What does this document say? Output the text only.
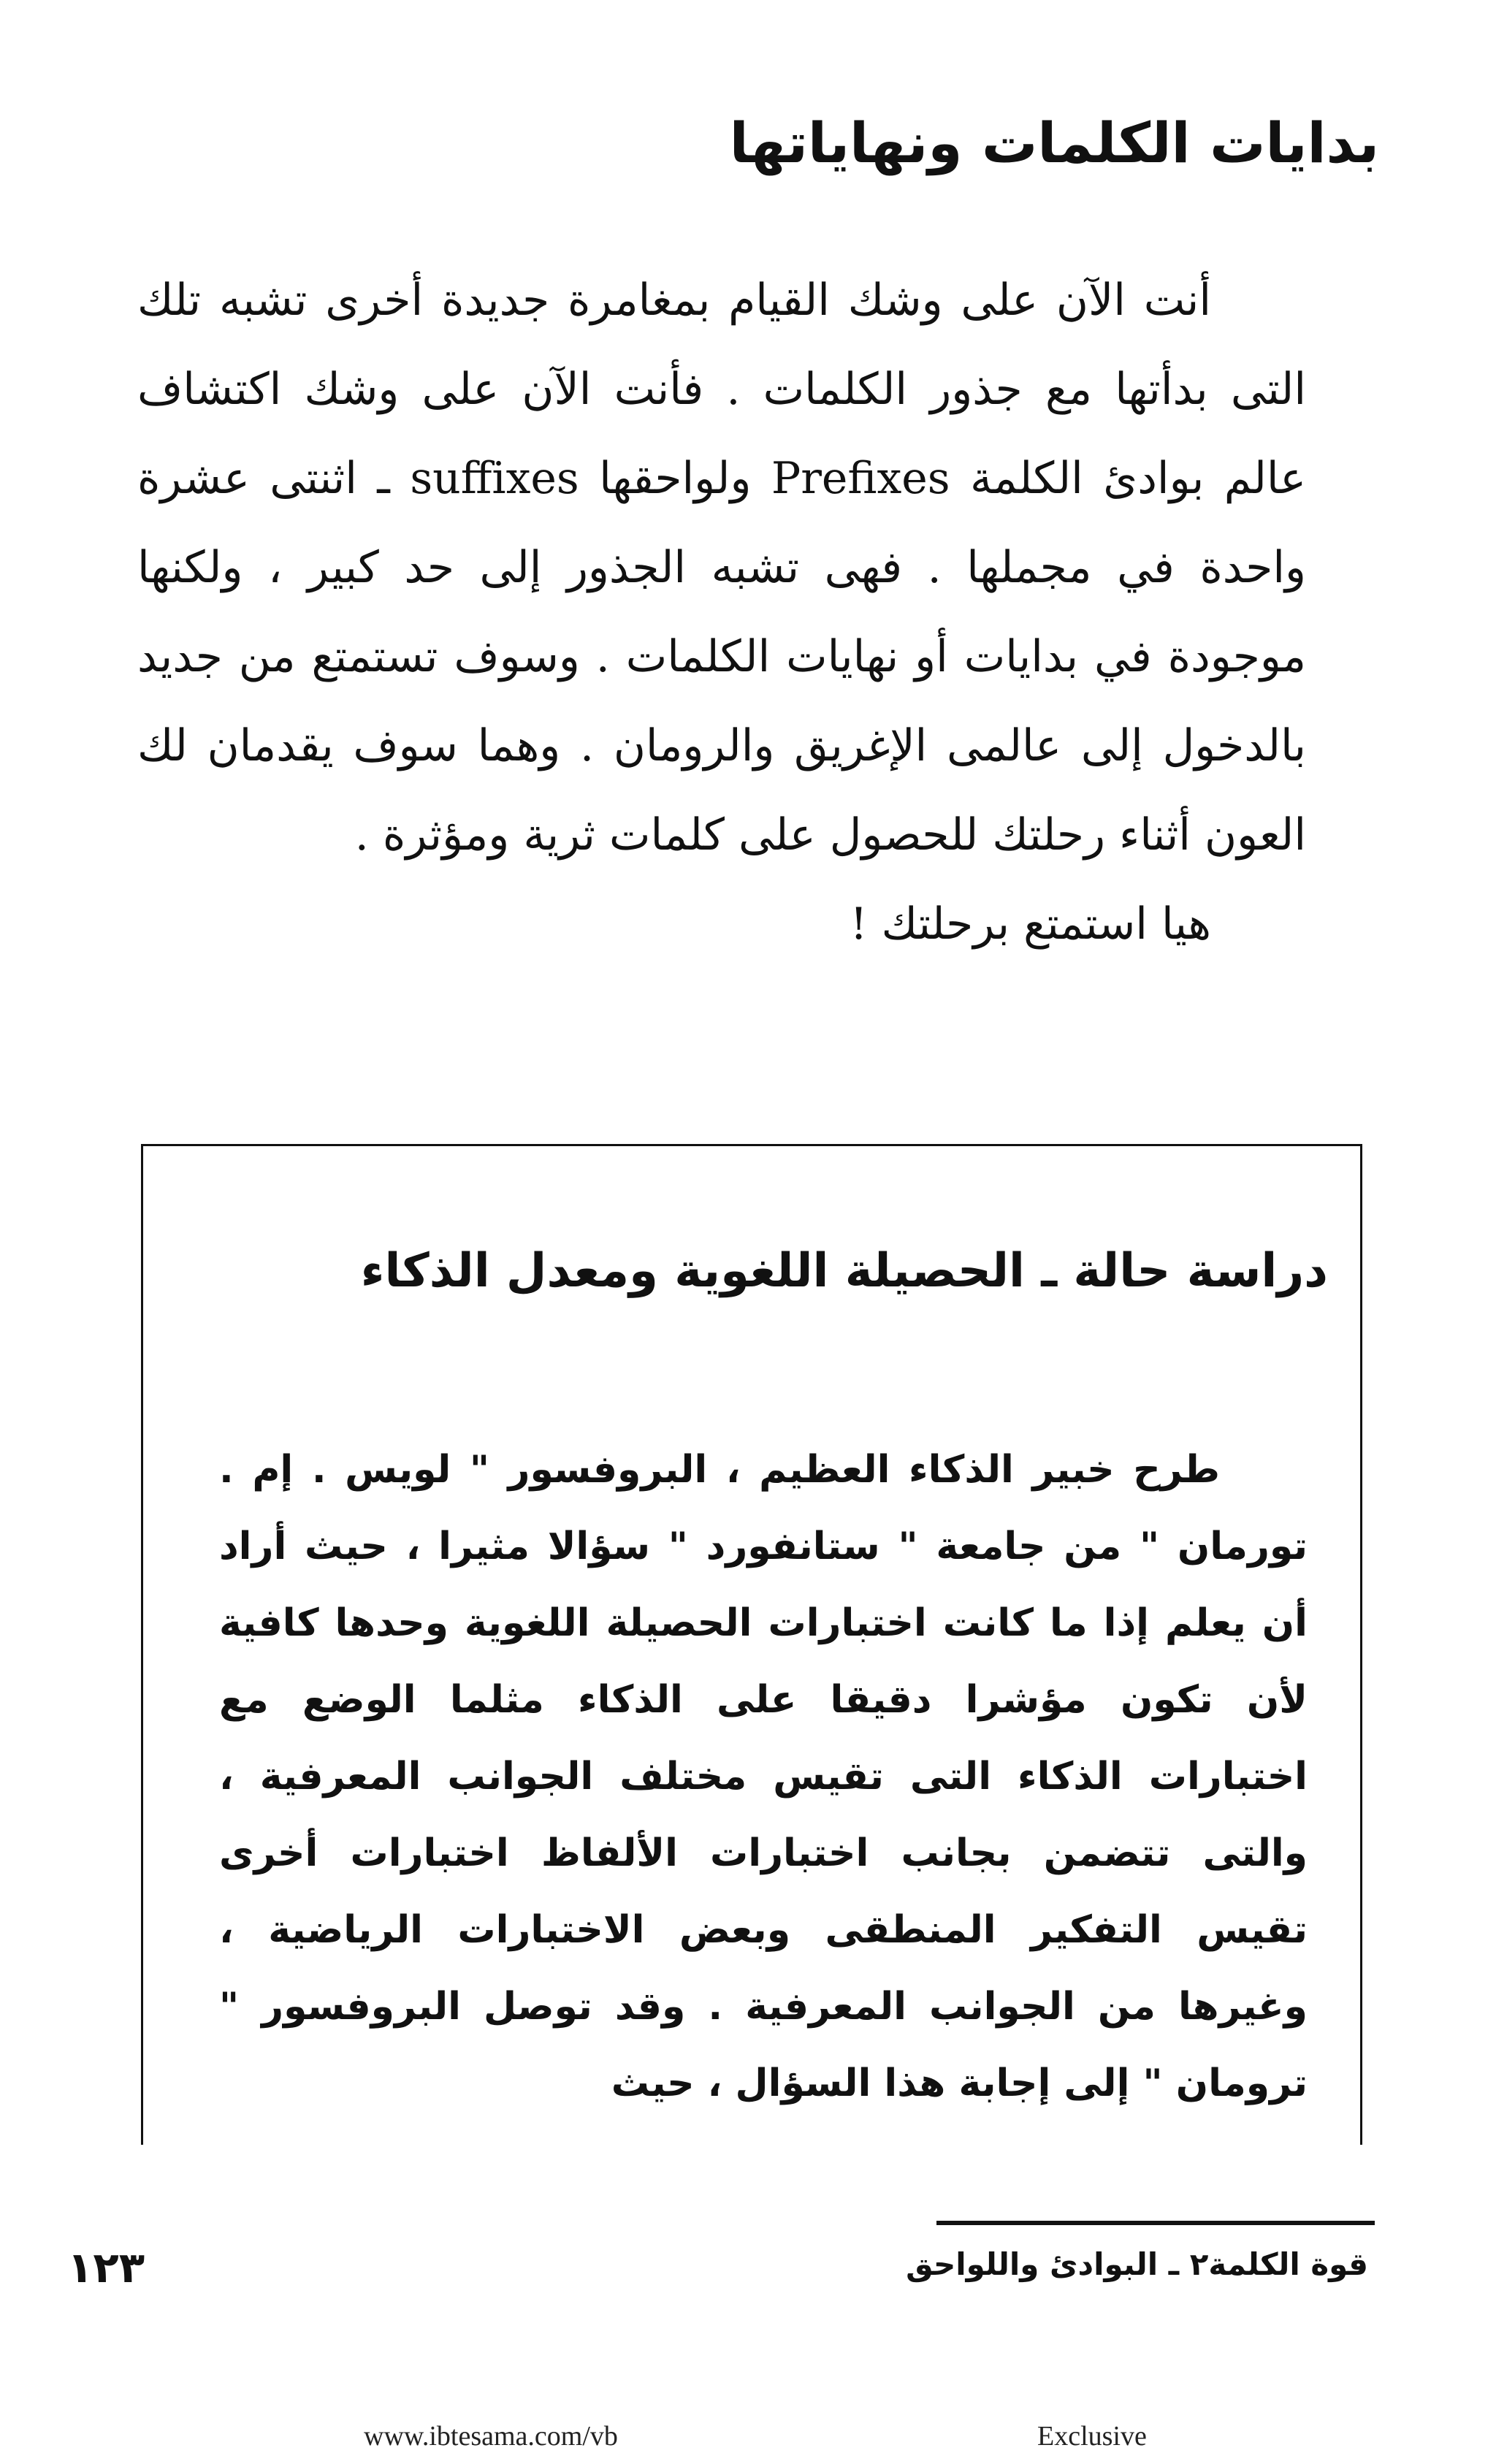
بدايات الكلمات ونهاياتها

أنت الآن على وشك القيام بمغامرة جديدة أخرى تشبه تلك التى بدأتها مع جذور الكلمات . فأنت الآن على وشك اكتشاف عالم بوادئ الكلمة Prefixes ولواحقها suffixes ـ اثنتى عشرة واحدة في مجملها . فهى تشبه الجذور إلى حد كبير ، ولكنها موجودة في بدايات أو نهايات الكلمات . وسوف تستمتع من جديد بالدخول إلى عالمى الإغريق والرومان . وهما سوف يقدمان لك العون أثناء رحلتك للحصول على كلمات ثرية ومؤثرة .

هيا استمتع برحلتك !

دراسة حالة ـ الحصيلة اللغوية ومعدل الذكاء

طرح خبير الذكاء العظيم ، البروفسور " لويس . إم . تورمان " من جامعة " ستانفورد " سؤالا مثيرا ، حيث أراد أن يعلم إذا ما كانت اختبارات الحصيلة اللغوية وحدها كافية لأن تكون مؤشرا دقيقا على الذكاء مثلما الوضع مع اختبارات الذكاء التى تقيس مختلف الجوانب المعرفية ، والتى تتضمن بجانب اختبارات الألفاظ اختبارات أخرى تقيس التفكير المنطقى وبعض الاختبارات الرياضية ، وغيرها من الجوانب المعرفية . وقد توصل البروفسور " ترومان " إلى إجابة هذا السؤال ، حيث

١٢٣	قوة الكلمة٢ ـ البوادئ واللواحق
www.ibtesama.com/vb	Exclusive
